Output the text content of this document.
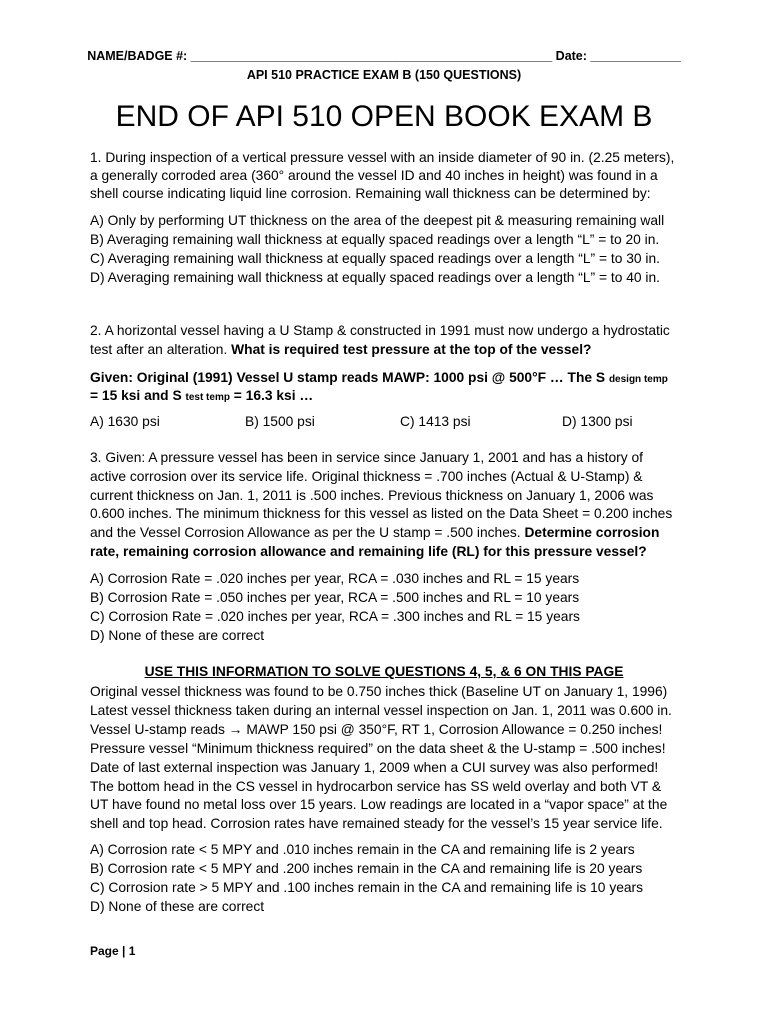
NAME/BADGE #: ____________________________________________________ Date: _____________
API 510 PRACTICE EXAM B (150 QUESTIONS)
END OF API 510 OPEN BOOK EXAM B
1. During inspection of a vertical pressure vessel with an inside diameter of 90 in. (2.25 meters),
a generally corroded area (360° around the vessel ID and 40 inches in height) was found in a
shell course indicating liquid line corrosion. Remaining wall thickness can be determined by:
A) Only by performing UT thickness on the area of the deepest pit & measuring remaining wall
B) Averaging remaining wall thickness at equally spaced readings over a length “L” = to 20 in.
C) Averaging remaining wall thickness at equally spaced readings over a length “L” = to 30 in.
D) Averaging remaining wall thickness at equally spaced readings over a length “L” = to 40 in.
2. A horizontal vessel having a U Stamp & constructed in 1991 must now undergo a hydrostatic
test after an alteration. What is required test pressure at the top of the vessel?
Given: Original (1991) Vessel U stamp reads MAWP: 1000 psi @ 500°F … The S design temp
= 15 ksi and S test temp = 16.3 ksi …
A) 1630 psi	B) 1500 psi	C) 1413 psi	D) 1300 psi
3. Given: A pressure vessel has been in service since January 1, 2001 and has a history of
active corrosion over its service life. Original thickness = .700 inches (Actual & U-Stamp) &
current thickness on Jan. 1, 2011 is .500 inches. Previous thickness on January 1, 2006 was
0.600 inches. The minimum thickness for this vessel as listed on the Data Sheet = 0.200 inches
and the Vessel Corrosion Allowance as per the U stamp = .500 inches. Determine corrosion
rate, remaining corrosion allowance and remaining life (RL) for this pressure vessel?
A) Corrosion Rate = .020 inches per year, RCA = .030 inches and RL = 15 years
B) Corrosion Rate = .050 inches per year, RCA = .500 inches and RL = 10 years
C) Corrosion Rate = .020 inches per year, RCA = .300 inches and RL = 15 years
D) None of these are correct
USE THIS INFORMATION TO SOLVE QUESTIONS 4, 5, & 6 ON THIS PAGE
Original vessel thickness was found to be 0.750 inches thick (Baseline UT on January 1, 1996)
Latest vessel thickness taken during an internal vessel inspection on Jan. 1, 2011 was 0.600 in.
Vessel U-stamp reads → MAWP 150 psi @ 350°F, RT 1, Corrosion Allowance = 0.250 inches!
Pressure vessel “Minimum thickness required” on the data sheet & the U-stamp = .500 inches!
Date of last external inspection was January 1, 2009 when a CUI survey was also performed!
The bottom head in the CS vessel in hydrocarbon service has SS weld overlay and both VT &
UT have found no metal loss over 15 years. Low readings are located in a “vapor space” at the
shell and top head. Corrosion rates have remained steady for the vessel’s 15 year service life.
A) Corrosion rate < 5 MPY and .010 inches remain in the CA and remaining life is 2 years
B) Corrosion rate < 5 MPY and .200 inches remain in the CA and remaining life is 20 years
C) Corrosion rate > 5 MPY and .100 inches remain in the CA and remaining life is 10 years
D) None of these are correct
Page | 1
